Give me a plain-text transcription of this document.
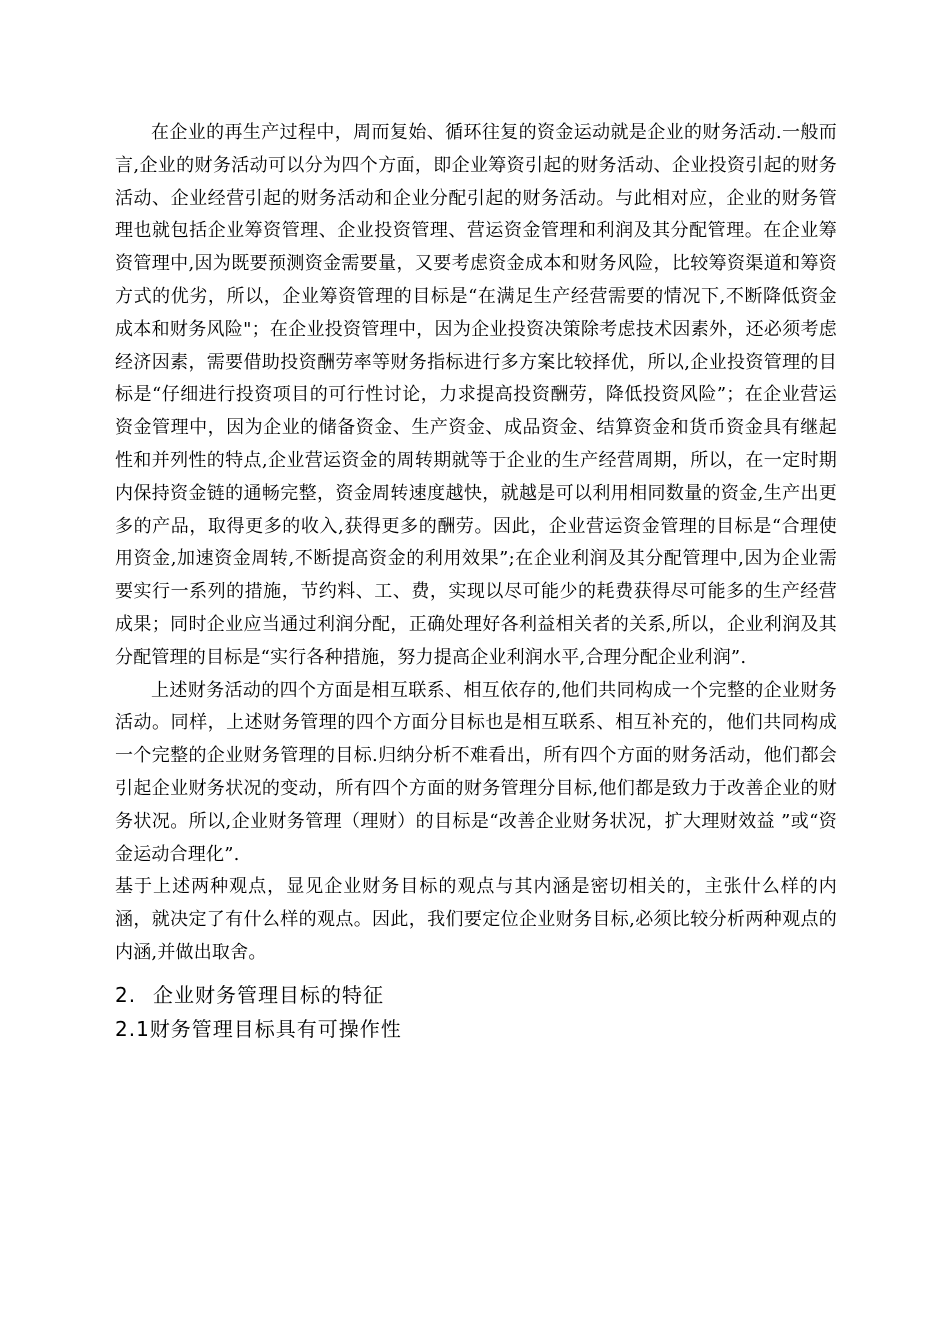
在企业的再生产过程中，周而复始、循环往复的资金运动就是企业的财务活动.一般而言,企业的财务活动可以分为四个方面，即企业筹资引起的财务活动、企业投资引起的财务活动、企业经营引起的财务活动和企业分配引起的财务活动。与此相对应，企业的财务管理也就包括企业筹资管理、企业投资管理、营运资金管理和利润及其分配管理。在企业筹资管理中,因为既要预测资金需要量，又要考虑资金成本和财务风险，比较筹资渠道和筹资方式的优劣，所以，企业筹资管理的目标是“在满足生产经营需要的情况下,不断降低资金成本和财务风险"；在企业投资管理中，因为企业投资决策除考虑技术因素外，还必须考虑经济因素，需要借助投资酬劳率等财务指标进行多方案比较择优，所以,企业投资管理的目标是“仔细进行投资项目的可行性讨论，力求提高投资酬劳，降低投资风险”；在企业营运资金管理中，因为企业的储备资金、生产资金、成品资金、结算资金和货币资金具有继起性和并列性的特点,企业营运资金的周转期就等于企业的生产经营周期，所以，在一定时期内保持资金链的通畅完整，资金周转速度越快，就越是可以利用相同数量的资金,生产出更多的产品，取得更多的收入,获得更多的酬劳。因此，企业营运资金管理的目标是“合理使用资金,加速资金周转,不断提高资金的利用效果”;在企业利润及其分配管理中,因为企业需要实行一系列的措施，节约料、工、费，实现以尽可能少的耗费获得尽可能多的生产经营成果；同时企业应当通过利润分配，正确处理好各利益相关者的关系,所以，企业利润及其分配管理的目标是“实行各种措施，努力提高企业利润水平,合理分配企业利润”.

上述财务活动的四个方面是相互联系、相互依存的,他们共同构成一个完整的企业财务活动。同样，上述财务管理的四个方面分目标也是相互联系、相互补充的，他们共同构成一个完整的企业财务管理的目标.归纳分析不难看出，所有四个方面的财务活动，他们都会引起企业财务状况的变动，所有四个方面的财务管理分目标,他们都是致力于改善企业的财务状况。所以,企业财务管理（理财）的目标是“改善企业财务状况，扩大理财效益 ”或“资金运动合理化”.

基于上述两种观点，显见企业财务目标的观点与其内涵是密切相关的，主张什么样的内涵，就决定了有什么样的观点。因此，我们要定位企业财务目标,必须比较分析两种观点的内涵,并做出取舍。

2. 企业财务管理目标的特征
2.1财务管理目标具有可操作性
